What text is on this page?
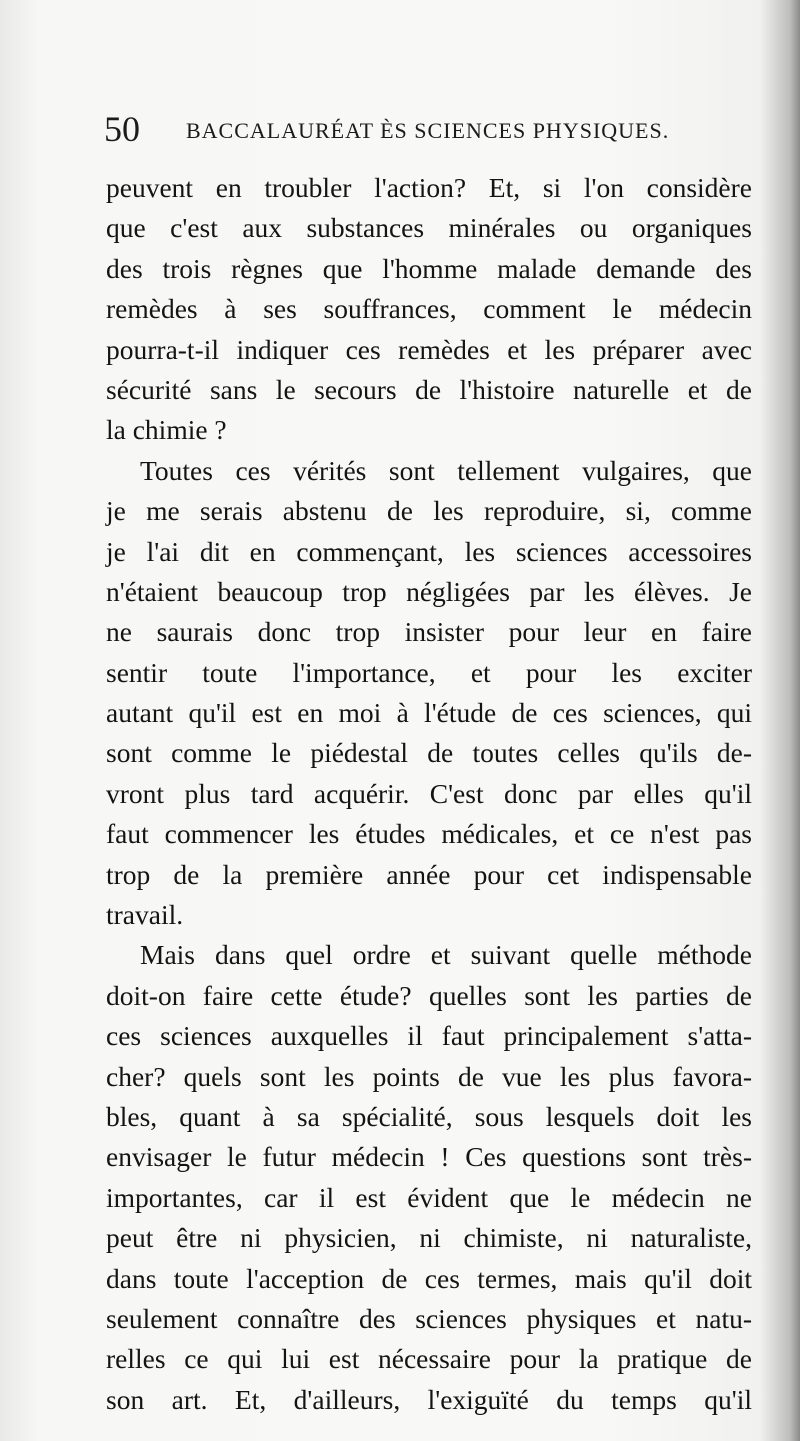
50 BACCALAURÉAT ÈS SCIENCES PHYSIQUES.
peuvent en troubler l'action? Et, si l'on considère
que c'est aux substances minérales ou organiques
des trois règnes que l'homme malade demande des
remèdes à ses souffrances, comment le médecin
pourra-t-il indiquer ces remèdes et les préparer avec
sécurité sans le secours de l'histoire naturelle et de
la chimie ?
Toutes ces vérités sont tellement vulgaires, que
je me serais abstenu de les reproduire, si, comme
je l'ai dit en commençant, les sciences accessoires
n'étaient beaucoup trop négligées par les élèves. Je
ne saurais donc trop insister pour leur en faire
sentir toute l'importance, et pour les exciter
autant qu'il est en moi à l'étude de ces sciences, qui
sont comme le piédestal de toutes celles qu'ils de-
vront plus tard acquérir. C'est donc par elles qu'il
faut commencer les études médicales, et ce n'est pas
trop de la première année pour cet indispensable
travail.
Mais dans quel ordre et suivant quelle méthode
doit-on faire cette étude? quelles sont les parties de
ces sciences auxquelles il faut principalement s'atta-
cher? quels sont les points de vue les plus favora-
bles, quant à sa spécialité, sous lesquels doit les
envisager le futur médecin ! Ces questions sont très-
importantes, car il est évident que le médecin ne
peut être ni physicien, ni chimiste, ni naturaliste,
dans toute l'acception de ces termes, mais qu'il doit
seulement connaître des sciences physiques et natu-
relles ce qui lui est nécessaire pour la pratique de
son art. Et, d'ailleurs, l'exiguïté du temps qu'il
